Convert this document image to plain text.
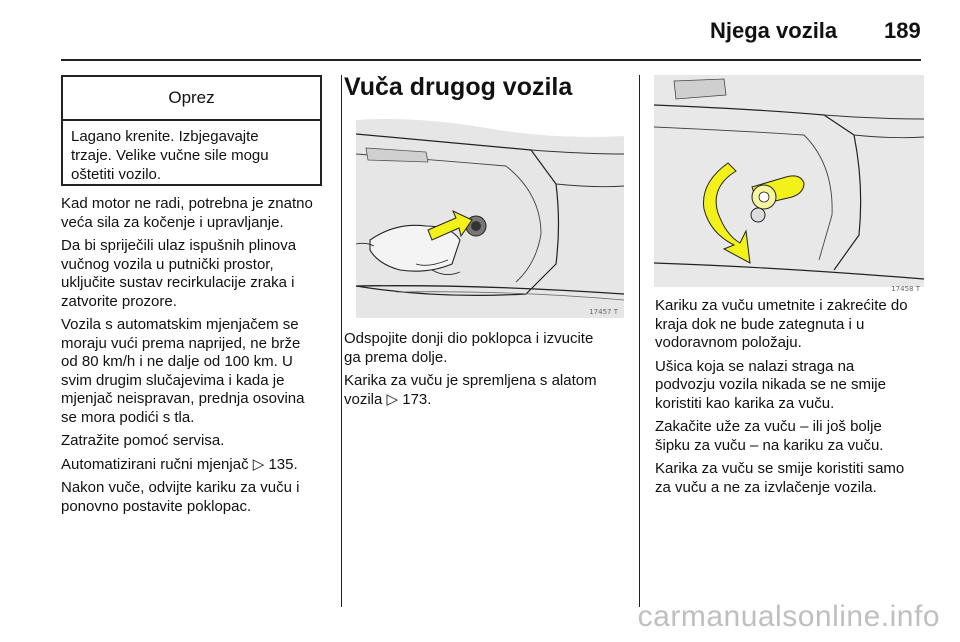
Njega vozila 189
Oprez
Lagano krenite. Izbjegavajte
trzaje. Velike vučne sile mogu
oštetiti vozilo.

Kad motor ne radi, potrebna je znatno
veća sila za kočenje i upravljanje.

Da bi spriječili ulaz ispušnih plinova
vučnog vozila u putnički prostor,
uključite sustav recirkulacije zraka i
zatvorite prozore.

Vozila s automatskim mjenjačem se
moraju vući prema naprijed, ne brže
od 80 km/h i ne dalje od 100 km. U
svim drugim slučajevima i kada je
mjenjač neispravan, prednja osovina
se mora podići s tla.

Zatražite pomoć servisa.

Automatizirani ručni mjenjač ▷ 135.

Nakon vuče, odvijte kariku za vuču i
ponovno postavite poklopac.

Vuča drugog vozila
17457 T

Odspojite donji dio poklopca i izvucite
ga prema dolje.

Karika za vuču je spremljena s alatom
vozila ▷ 173.

17458 T

Kariku za vuču umetnite i zakrećite do
kraja dok ne bude zategnuta i u
vodoravnom položaju.

Ušica koja se nalazi straga na
podvozju vozila nikada se ne smije
koristiti kao karika za vuču.

Zakačite uže za vuču – ili još bolje
šipku za vuču – na kariku za vuču.

Karika za vuču se smije koristiti samo
za vuču a ne za izvlačenje vozila.

carmanualsonline.info
